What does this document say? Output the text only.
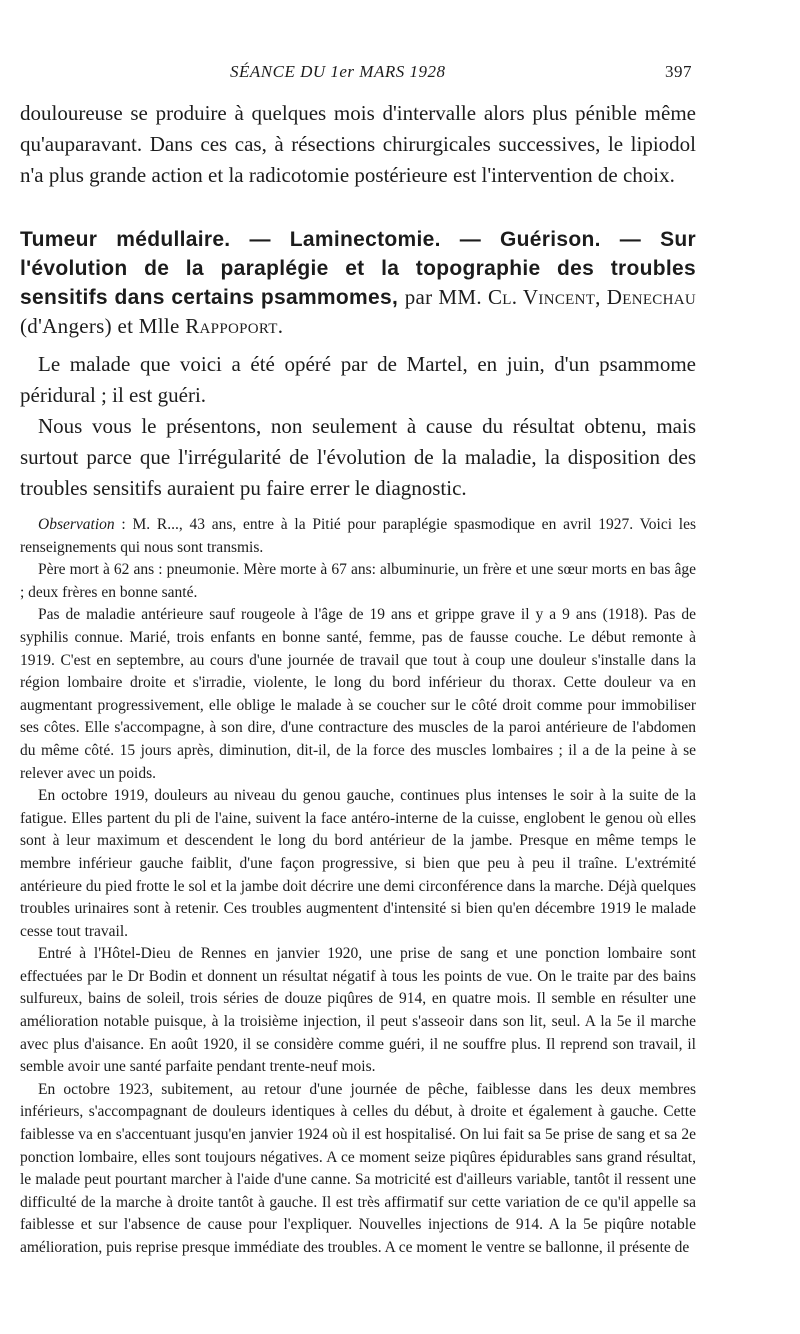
SÉANCE DU 1er MARS 1928	397

douloureuse se produire à quelques mois d'intervalle alors plus pénible même qu'auparavant. Dans ces cas, à résections chirurgicales successives, le lipiodol n'a plus grande action et la radicotomie postérieure est l'intervention de choix.

Tumeur médullaire. — Laminectomie. — Guérison. — Sur l'évolution de la paraplégie et la topographie des troubles sensitifs dans certains psammomes, par MM. Cl. Vincent, Denechau (d'Angers) et Mlle Rappoport.

Le malade que voici a été opéré par de Martel, en juin, d'un psammome péridural ; il est guéri.

Nous vous le présentons, non seulement à cause du résultat obtenu, mais surtout parce que l'irrégularité de l'évolution de la maladie, la disposition des troubles sensitifs auraient pu faire errer le diagnostic.

Observation : M. R..., 43 ans, entre à la Pitié pour paraplégie spasmodique en avril 1927. Voici les renseignements qui nous sont transmis.

Père mort à 62 ans : pneumonie. Mère morte à 67 ans: albuminurie, un frère et une sœur morts en bas âge ; deux frères en bonne santé.

Pas de maladie antérieure sauf rougeole à l'âge de 19 ans et grippe grave il y a 9 ans (1918). Pas de syphilis connue. Marié, trois enfants en bonne santé, femme, pas de fausse couche. Le début remonte à 1919. C'est en septembre, au cours d'une journée de travail que tout à coup une douleur s'installe dans la région lombaire droite et s'irradie, violente, le long du bord inférieur du thorax. Cette douleur va en augmentant progressivement, elle oblige le malade à se coucher sur le côté droit comme pour immobiliser ses côtes. Elle s'accompagne, à son dire, d'une contracture des muscles de la paroi antérieure de l'abdomen du même côté. 15 jours après, diminution, dit-il, de la force des muscles lombaires ; il a de la peine à se relever avec un poids.

En octobre 1919, douleurs au niveau du genou gauche, continues plus intenses le soir à la suite de la fatigue. Elles partent du pli de l'aine, suivent la face antéro-interne de la cuisse, englobent le genou où elles sont à leur maximum et descendent le long du bord antérieur de la jambe. Presque en même temps le membre inférieur gauche faiblit, d'une façon progressive, si bien que peu à peu il traîne. L'extrémité antérieure du pied frotte le sol et la jambe doit décrire une demi circonférence dans la marche. Déjà quelques troubles urinaires sont à retenir. Ces troubles augmentent d'intensité si bien qu'en décembre 1919 le malade cesse tout travail.

Entré à l'Hôtel-Dieu de Rennes en janvier 1920, une prise de sang et une ponction lombaire sont effectuées par le Dr Bodin et donnent un résultat négatif à tous les points de vue. On le traite par des bains sulfureux, bains de soleil, trois séries de douze piqûres de 914, en quatre mois. Il semble en résulter une amélioration notable puisque, à la troisième injection, il peut s'asseoir dans son lit, seul. A la 5e il marche avec plus d'aisance. En août 1920, il se considère comme guéri, il ne souffre plus. Il reprend son travail, il semble avoir une santé parfaite pendant trente-neuf mois.

En octobre 1923, subitement, au retour d'une journée de pêche, faiblesse dans les deux membres inférieurs, s'accompagnant de douleurs identiques à celles du début, à droite et également à gauche. Cette faiblesse va en s'accentuant jusqu'en janvier 1924 où il est hospitalisé. On lui fait sa 5e prise de sang et sa 2e ponction lombaire, elles sont toujours négatives. A ce moment seize piqûres épidurables sans grand résultat, le malade peut pourtant marcher à l'aide d'une canne. Sa motricité est d'ailleurs variable, tantôt il ressent une difficulté de la marche à droite tantôt à gauche. Il est très affirmatif sur cette variation de ce qu'il appelle sa faiblesse et sur l'absence de cause pour l'expliquer. Nouvelles injections de 914. A la 5e piqûre notable amélioration, puis reprise presque immédiate des troubles. A ce moment le ventre se ballonne, il présente de
